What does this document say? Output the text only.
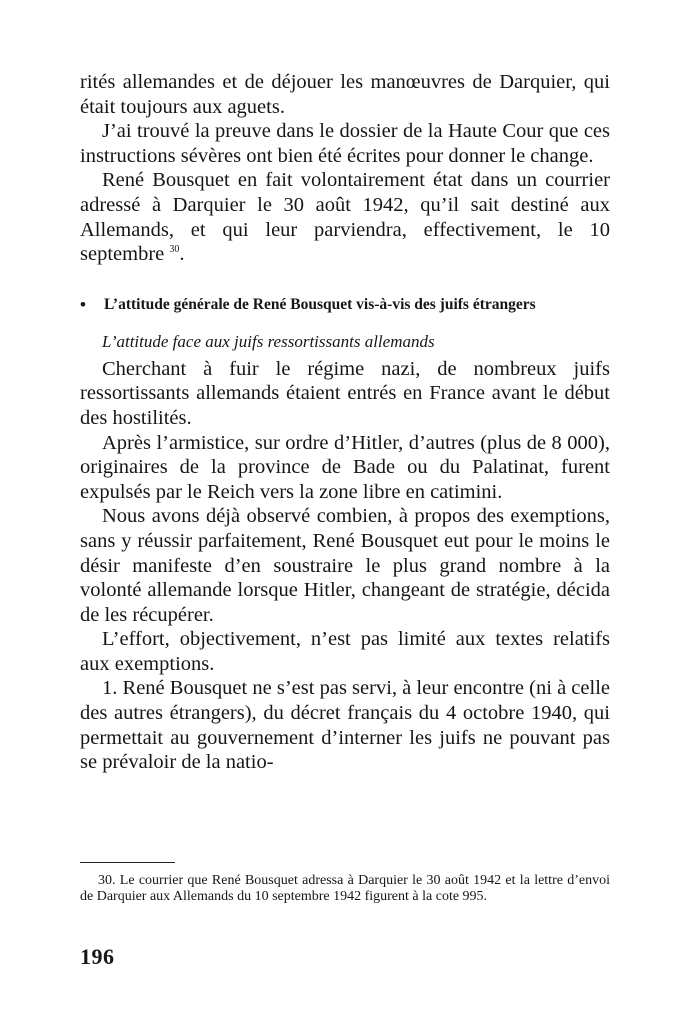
rités allemandes et de déjouer les manœuvres de Darquier, qui était toujours aux aguets.

J’ai trouvé la preuve dans le dossier de la Haute Cour que ces instructions sévères ont bien été écrites pour donner le change.

René Bousquet en fait volontairement état dans un courrier adressé à Darquier le 30 août 1942, qu’il sait destiné aux Allemands, et qui leur parviendra, effectivement, le 10 septembre $^{30}$.

• L’attitude générale de René Bousquet vis-à-vis des juifs étrangers
L’attitude face aux juifs ressortissants allemands

Cherchant à fuir le régime nazi, de nombreux juifs ressortissants allemands étaient entrés en France avant le début des hostilités.

Après l’armistice, sur ordre d’Hitler, d’autres (plus de 8 000), originaires de la province de Bade ou du Palatinat, furent expulsés par le Reich vers la zone libre en catimini.

Nous avons déjà observé combien, à propos des exemptions, sans y réussir parfaitement, René Bousquet eut pour le moins le désir manifeste d’en soustraire le plus grand nombre à la volonté allemande lorsque Hitler, changeant de stratégie, décida de les récupérer.

L’effort, objectivement, n’est pas limité aux textes relatifs aux exemptions.

1. René Bousquet ne s’est pas servi, à leur encontre (ni à celle des autres étrangers), du décret français du 4 octobre 1940, qui permettait au gouvernement d’interner les juifs ne pouvant pas se prévaloir de la natio-

30. Le courrier que René Bousquet adressa à Darquier le 30 août 1942 et la lettre d’envoi de Darquier aux Allemands du 10 septembre 1942 figurent à la cote 995.

196
